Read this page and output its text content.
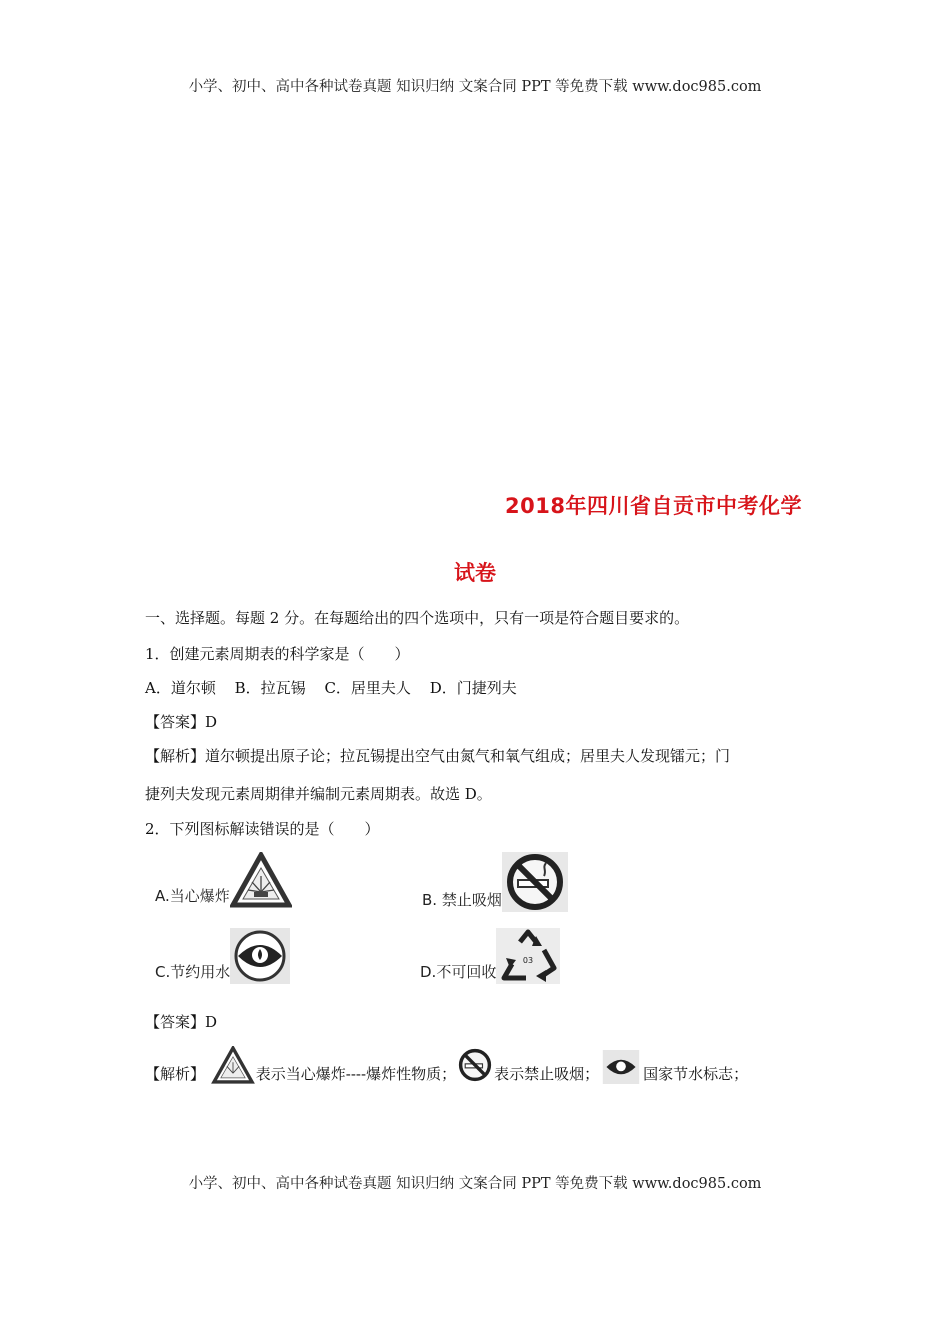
小学、初中、高中各种试卷真题 知识归纳 文案合同 PPT 等免费下载 www.doc985.com
2018年四川省自贡市中考化学
试卷
一、选择题。每题 2 分。在每题给出的四个选项中，只有一项是符合题目要求的。
1．创建元素周期表的科学家是（　　）
A．道尔顿 B．拉瓦锡 C．居里夫人 D．门捷列夫
【答案】D
【解析】道尔顿提出原子论；拉瓦锡提出空气由氮气和氧气组成；居里夫人发现镭元；门
捷列夫发现元素周期律并编制元素周期表。故选 D。
2．下列图标解读错误的是（　　）
A.当心爆炸	B. 禁止吸烟
C.节约用水	D.不可回收
03
【答案】D
【解析】	表示当心爆炸----爆炸性物质；	表示禁止吸烟；	国家节水标志；
小学、初中、高中各种试卷真题 知识归纳 文案合同 PPT 等免费下载 www.doc985.com
